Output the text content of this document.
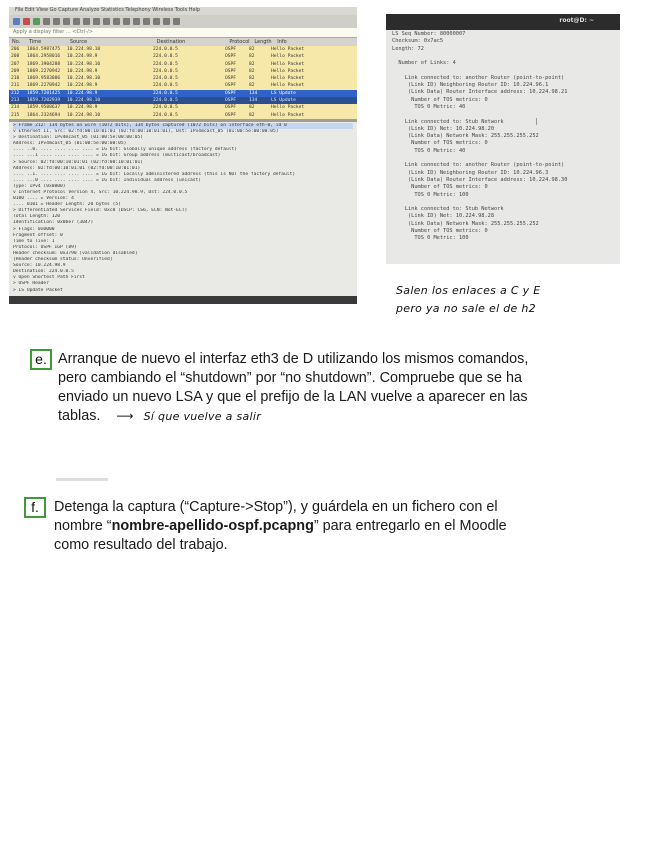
File Edit View Go Capture Analyze Statistics Telephony Wireless Tools Help
Apply a display filter ... <Ctrl-/>
No.	Time	Source	Destination	Protocol Length	Info
206	1864.5987475	10.224.98.10	224.0.0.5	OSPF	82	Hello Packet
208	1864.2958016	10.224.98.9	224.0.0.5	OSPF	82	Hello Packet
207	1869.3904288	10.224.98.10	224.0.0.5	OSPF	82	Hello Packet
209	1869.2270942	10.224.98.9	224.0.0.5	OSPF	82	Hello Packet
210	1869.9583006	10.224.98.10	224.0.0.5	OSPF	82	Hello Packet
211	1869.2270942	10.224.98.9	224.0.0.5	OSPF	82	Hello Packet
212	1859.7201425	10.224.98.9	224.0.0.5	OSPF	134	LS Update
213	1859.7202939	10.224.98.10	224.0.0.5	OSPF	134	LS Update
214	1859.9508637	10.224.98.9	224.0.0.5	OSPF	82	Hello Packet
215	1864.2324694	10.224.98.10	224.0.0.5	OSPF	82	Hello Packet
> Frame 212: 134 bytes on wire (1072 bits), 134 bytes captured (1072 bits) on interface eth-0, id 0
v Ethernet II, Src: 02:fd:00:10:01:01 (02:fd:00:10:01:01), Dst: IPv4mcast_05 (01:00:5e:00:00:05)
> Destination: IPv4mcast_05 (01:00:5e:00:00:05)
Address: IPv4mcast_05 (01:00:5e:00:00:05)
.... ..0. .... .... .... .... = LG bit: Globally unique address (factory default)
.... ...1 .... .... .... .... = IG bit: Group address (multicast/broadcast)
> Source: 02:fd:00:10:01:01 (02:fd:00:10:01:01)
Address: 02:fd:00:10:01:01 (02:fd:00:10:01:01)
.... ..1. .... .... .... .... = LG bit: Locally administered address (this is NOT the factory default)
.... ...0 .... .... .... .... = IG bit: Individual address (unicast)
Type: IPv4 (0x0800)
v Internet Protocol Version 4, Src: 10.224.98.9, Dst: 224.0.0.5
0100 .... = Version: 4
.... 0101 = Header Length: 20 bytes (5)
> Differentiated Services Field: 0xc0 (DSCP: CS6, ECN: Not-ECT)
Total Length: 120
Identification: 0x0be7 (3047)
> Flags: 0x0000
Fragment offset: 0
Time to live: 1
Protocol: OSPF IGP (89)
Header checksum: 0x3790 [validation disabled]
[Header checksum status: Unverified]
Source: 10.224.98.9
Destination: 224.0.0.5
v Open Shortest Path First
> OSPF Header
> LS Update Packet
root@D: ~
LS Seq Number: 80000007
Checksum: 0x7ac5
Length: 72
Number of Links: 4
Link connected to: another Router (point-to-point)
(Link ID) Neighboring Router ID: 10.224.96.1
(Link Data) Router Interface address: 10.224.98.21
Number of TOS metrics: 0
TOS 0 Metric: 40
Link connected to: Stub Network
(Link ID) Net: 10.224.98.20
(Link Data) Network Mask: 255.255.255.252
Number of TOS metrics: 0
TOS 0 Metric: 40
Link connected to: another Router (point-to-point)
(Link ID) Neighboring Router ID: 10.224.96.3
(Link Data) Router Interface address: 10.224.98.30
Number of TOS metrics: 0
TOS 0 Metric: 100
Link connected to: Stub Network
(Link ID) Net: 10.224.98.28
(Link Data) Network Mask: 255.255.255.252
Number of TOS metrics: 0
TOS 0 Metric: 100
Salen los enlaces a C y E
pero ya no sale el de h2
e. Arranque de nuevo el interfaz eth3 de D utilizando los mismos comandos,
pero cambiando el “shutdown” por “no shutdown”. Compruebe que se ha
enviado un nuevo LSA y que el prefijo de la LAN vuelve a aparecer en las
tablas. ⟶ Sí que vuelve a salir
f.	Detenga la captura (“Capture->Stop”), y guárdela en un fichero con el
nombre “nombre-apellido-ospf.pcapng” para entregarlo en el Moodle
como resultado del trabajo.
